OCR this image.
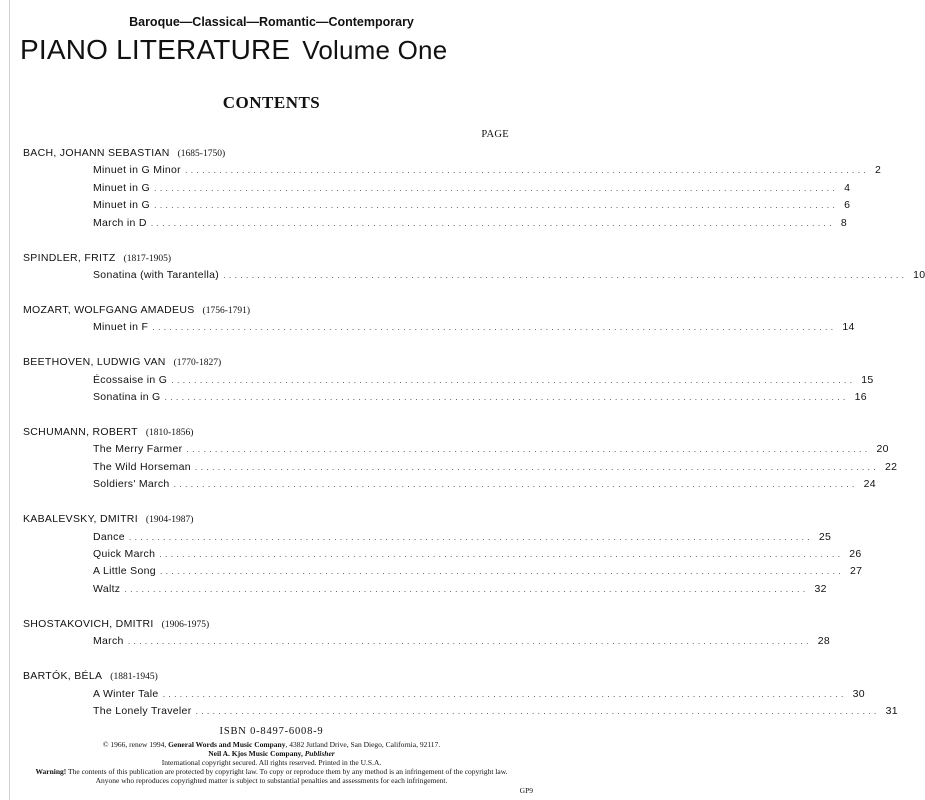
Baroque—Classical—Romantic—Contemporary
PIANO LITERATURE Volume One
CONTENTS
PAGE
BACH, JOHANN SEBASTIAN (1685-1750)
Minuet in G Minor ........................................................................................................................ 2
Minuet in G ........................................................................................................................ 4
Minuet in G ........................................................................................................................ 6
March in D ........................................................................................................................ 8
SPINDLER, FRITZ (1817-1905)
Sonatina (with Tarantella) ........................................................................................................................ 10
MOZART, WOLFGANG AMADEUS (1756-1791)
Minuet in F ........................................................................................................................ 14
BEETHOVEN, LUDWIG VAN (1770-1827)
Écossaise in G ........................................................................................................................ 15
Sonatina in G ........................................................................................................................ 16
SCHUMANN, ROBERT (1810-1856)
The Merry Farmer ........................................................................................................................ 20
The Wild Horseman ........................................................................................................................ 22
Soldiers' March ........................................................................................................................ 24
KABALEVSKY, DMITRI (1904-1987)
Dance ........................................................................................................................ 25
Quick March ........................................................................................................................ 26
A Little Song ........................................................................................................................ 27
Waltz ........................................................................................................................ 32
SHOSTAKOVICH, DMITRI (1906-1975)
March ........................................................................................................................ 28
BARTÓK, BÉLA (1881-1945)
A Winter Tale ........................................................................................................................ 30
The Lonely Traveler ........................................................................................................................ 31
ISBN 0-8497-6008-9
© 1966, renew 1994, General Words and Music Company, 4382 Jutland Drive, San Diego, California, 92117.
Neil A. Kjos Music Company, Publisher
International copyright secured. All rights reserved. Printed in the U.S.A.
Warning! The contents of this publication are protected by copyright law. To copy or reproduce them by any method is an infringement of the copyright law.
Anyone who reproduces copyrighted matter is subject to substantial penalties and assessments for each infringement.
GP9
